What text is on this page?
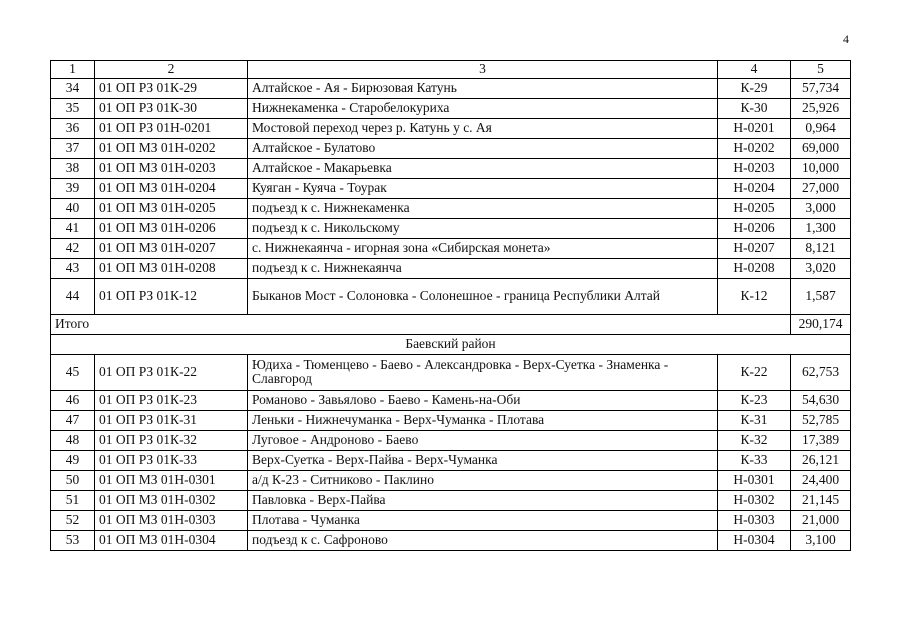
4
1	2	3	4	5
34	01 ОП РЗ 01К-29	Алтайское - Ая - Бирюзовая Катунь	К-29	57,734
35	01 ОП РЗ 01К-30	Нижнекаменка - Старобелокуриха	К-30	25,926
36	01 ОП РЗ 01Н-0201	Мостовой переход через р. Катунь у с. Ая	Н-0201	0,964
37	01 ОП МЗ 01Н-0202	Алтайское - Булатово	Н-0202	69,000
38	01 ОП МЗ 01Н-0203	Алтайское - Макарьевка	Н-0203	10,000
39	01 ОП МЗ 01Н-0204	Куяган - Куяча - Тоурак	Н-0204	27,000
40	01 ОП МЗ 01Н-0205	подъезд к с. Нижнекаменка	Н-0205	3,000
41	01 ОП МЗ 01Н-0206	подъезд к с. Никольскому	Н-0206	1,300
42	01 ОП МЗ 01Н-0207	с. Нижнекаянча - игорная зона «Сибирская монета»	Н-0207	8,121
43	01 ОП МЗ 01Н-0208	подъезд к с. Нижнекаянча	Н-0208	3,020
44	01 ОП РЗ 01К-12	Быканов Мост - Солоновка - Солонешное - граница Республики Алтай	К-12	1,587
Итого				290,174
Баевский район				
45	01 ОП РЗ 01К-22	Юдиха - Тюменцево - Баево - Александровка - Верх-Суетка - Знаменка - Славгород	К-22	62,753
46	01 ОП РЗ 01К-23	Романово - Завьялово - Баево - Камень-на-Оби	К-23	54,630
47	01 ОП РЗ 01К-31	Леньки - Нижнечуманка - Верх-Чуманка - Плотава	К-31	52,785
48	01 ОП РЗ 01К-32	Луговое - Андроново - Баево	К-32	17,389
49	01 ОП РЗ 01К-33	Верх-Суетка - Верх-Пайва - Верх-Чуманка	К-33	26,121
50	01 ОП МЗ 01Н-0301	а/д К-23 - Ситниково - Паклино	Н-0301	24,400
51	01 ОП МЗ 01Н-0302	Павловка - Верх-Пайва	Н-0302	21,145
52	01 ОП МЗ 01Н-0303	Плотава - Чуманка	Н-0303	21,000
53	01 ОП МЗ 01Н-0304	подъезд к с. Сафроново	Н-0304	3,100
